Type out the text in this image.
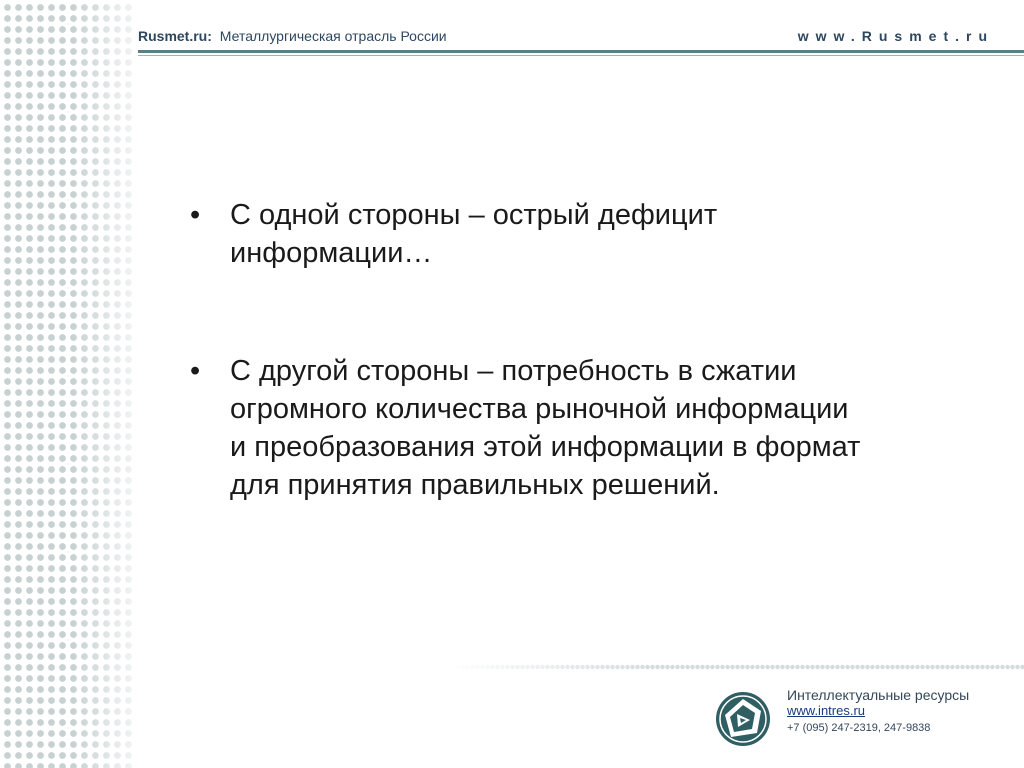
Rusmet.ru: Металлургическая отрасль России	www.Rusmet.ru
• С одной стороны – острый дефицит
информации…
• С другой стороны – потребность в сжатии
огромного количества рыночной информации
и преобразования этой информации в формат
для принятия правильных решений.
Интеллектуальные ресурсы
www.intres.ru
+7 (095) 247-2319, 247-9838
